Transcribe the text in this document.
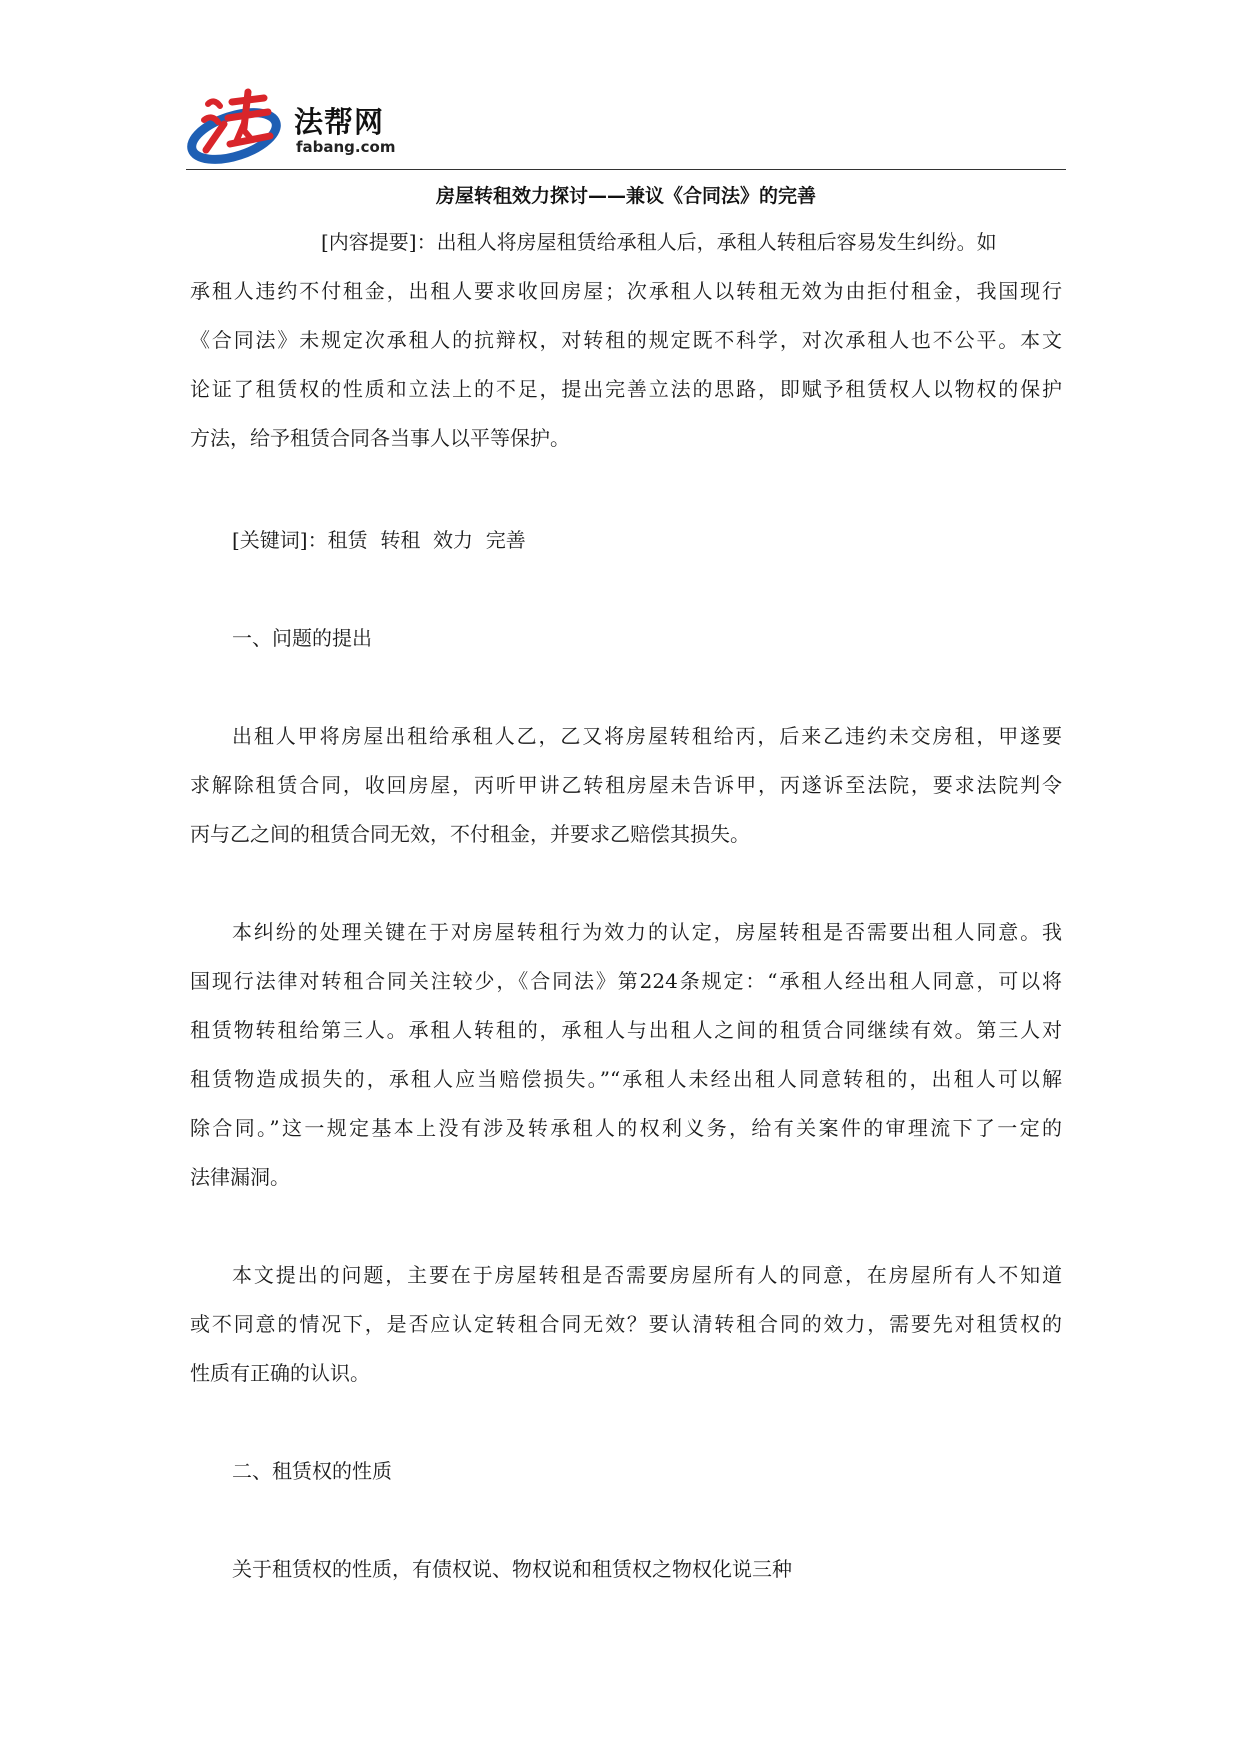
法帮网
fabang.com
房屋转租效力探讨——兼议《合同法》的完善
[内容提要]：出租人将房屋租赁给承租人后，承租人转租后容易发生纠纷。如
承租人违约不付租金，出租人要求收回房屋；次承租人以转租无效为由拒付租金，我国现行
《合同法》未规定次承租人的抗辩权，对转租的规定既不科学，对次承租人也不公平。本文
论证了租赁权的性质和立法上的不足，提出完善立法的思路，即赋予租赁权人以物权的保护
方法，给予租赁合同各当事人以平等保护。
[关键词]：租赁  转租  效力  完善
一、问题的提出
出租人甲将房屋出租给承租人乙，乙又将房屋转租给丙，后来乙违约未交房租，甲遂要
求解除租赁合同，收回房屋，丙听甲讲乙转租房屋未告诉甲，丙遂诉至法院，要求法院判令
丙与乙之间的租赁合同无效，不付租金，并要求乙赔偿其损失。
本纠纷的处理关键在于对房屋转租行为效力的认定，房屋转租是否需要出租人同意。我
国现行法律对转租合同关注较少，《合同法》第224条规定：“承租人经出租人同意，可以将
租赁物转租给第三人。承租人转租的，承租人与出租人之间的租赁合同继续有效。第三人对
租赁物造成损失的，承租人应当赔偿损失。”“承租人未经出租人同意转租的，出租人可以解
除合同。”这一规定基本上没有涉及转承租人的权利义务，给有关案件的审理流下了一定的
法律漏洞。
本文提出的问题，主要在于房屋转租是否需要房屋所有人的同意，在房屋所有人不知道
或不同意的情况下，是否应认定转租合同无效？要认清转租合同的效力，需要先对租赁权的
性质有正确的认识。
二、租赁权的性质
关于租赁权的性质，有债权说、物权说和租赁权之物权化说三种
